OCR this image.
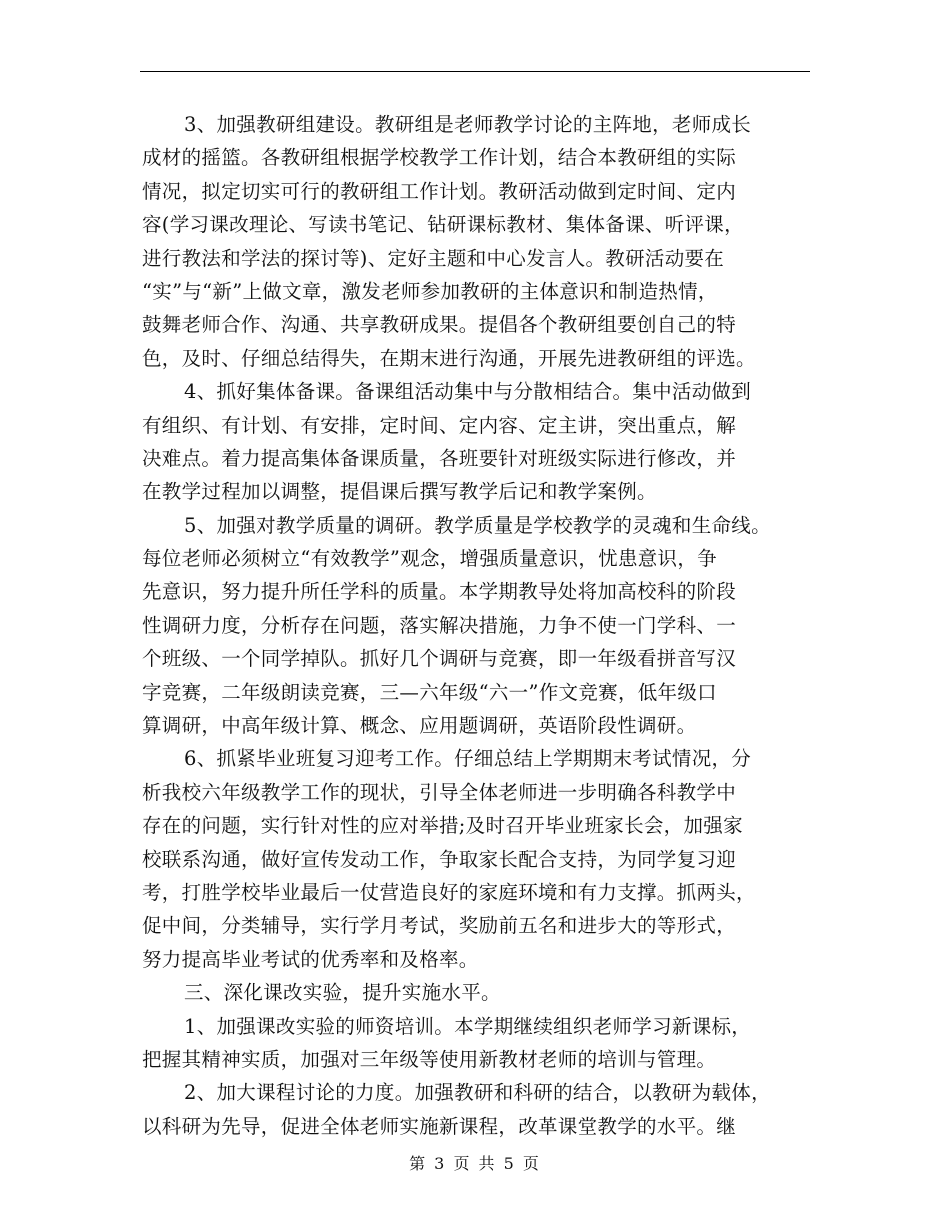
3、加强教研组建设。教研组是老师教学讨论的主阵地，老师成长
成材的摇篮。各教研组根据学校教学工作计划，结合本教研组的实际
情况，拟定切实可行的教研组工作计划。教研活动做到定时间、定内
容(学习课改理论、写读书笔记、钻研课标教材、集体备课、听评课，
进行教法和学法的探讨等)、定好主题和中心发言人。教研活动要在
“实”与“新”上做文章，激发老师参加教研的主体意识和制造热情，
鼓舞老师合作、沟通、共享教研成果。提倡各个教研组要创自己的特
色，及时、仔细总结得失，在期末进行沟通，开展先进教研组的评选。
4、抓好集体备课。备课组活动集中与分散相结合。集中活动做到
有组织、有计划、有安排，定时间、定内容、定主讲，突出重点，解
决难点。着力提高集体备课质量，各班要针对班级实际进行修改，并
在教学过程加以调整，提倡课后撰写教学后记和教学案例。
5、加强对教学质量的调研。教学质量是学校教学的灵魂和生命线。
每位老师必须树立“有效教学”观念，增强质量意识，忧患意识，争
先意识，努力提升所任学科的质量。本学期教导处将加高校科的阶段
性调研力度，分析存在问题，落实解决措施，力争不使一门学科、一
个班级、一个同学掉队。抓好几个调研与竞赛，即一年级看拼音写汉
字竞赛，二年级朗读竞赛，三—六年级“六一”作文竞赛，低年级口
算调研，中高年级计算、概念、应用题调研，英语阶段性调研。
6、抓紧毕业班复习迎考工作。仔细总结上学期期末考试情况，分
析我校六年级教学工作的现状，引导全体老师进一步明确各科教学中
存在的问题，实行针对性的应对举措;及时召开毕业班家长会，加强家
校联系沟通，做好宣传发动工作，争取家长配合支持，为同学复习迎
考，打胜学校毕业最后一仗营造良好的家庭环境和有力支撑。抓两头，
促中间，分类辅导，实行学月考试，奖励前五名和进步大的等形式，
努力提高毕业考试的优秀率和及格率。
三、深化课改实验，提升实施水平。
1、加强课改实验的师资培训。本学期继续组织老师学习新课标，
把握其精神实质，加强对三年级等使用新教材老师的培训与管理。
2、加大课程讨论的力度。加强教研和科研的结合，以教研为载体，
以科研为先导，促进全体老师实施新课程，改革课堂教学的水平。继
第 3 页 共 5 页
